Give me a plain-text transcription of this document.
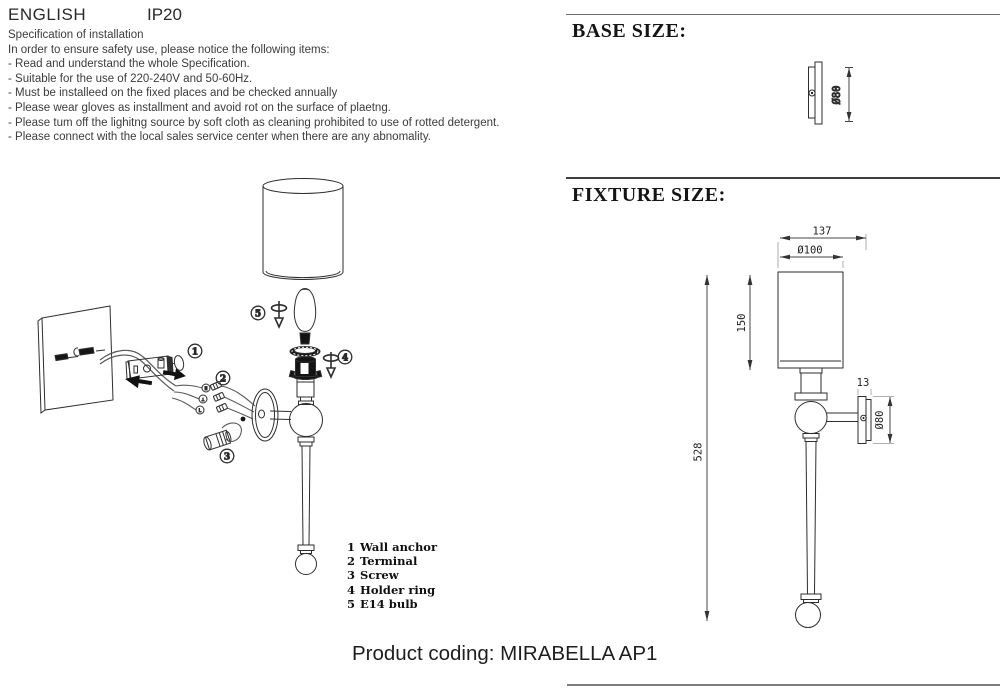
ENGLISH	IP20
Specification of installation
In order to ensure safety use, please notice the following items:
- Read and understand the whole Specification.
- Suitable for the use of 220-240V and 50-60Hz.
- Must be installeed on the fixed places and be checked annually
- Please wear gloves as installment and avoid rot on the surface of plaetng.
- Please tum off the lighitng source by soft cloth as cleaning prohibited to use of rotted detergent.
- Please connect with the local sales service center when there are any abnomality.
1 Wall anchor
2 Terminal
3 Screw
4 Holder ring
5 E14 bulb
BASE SIZE:
FIXTURE SIZE:
Product coding: MIRABELLA AP1
1
2
N
⊥
L
3
4
5
Ø80
137
Ø100
150
528
13
Ø80
